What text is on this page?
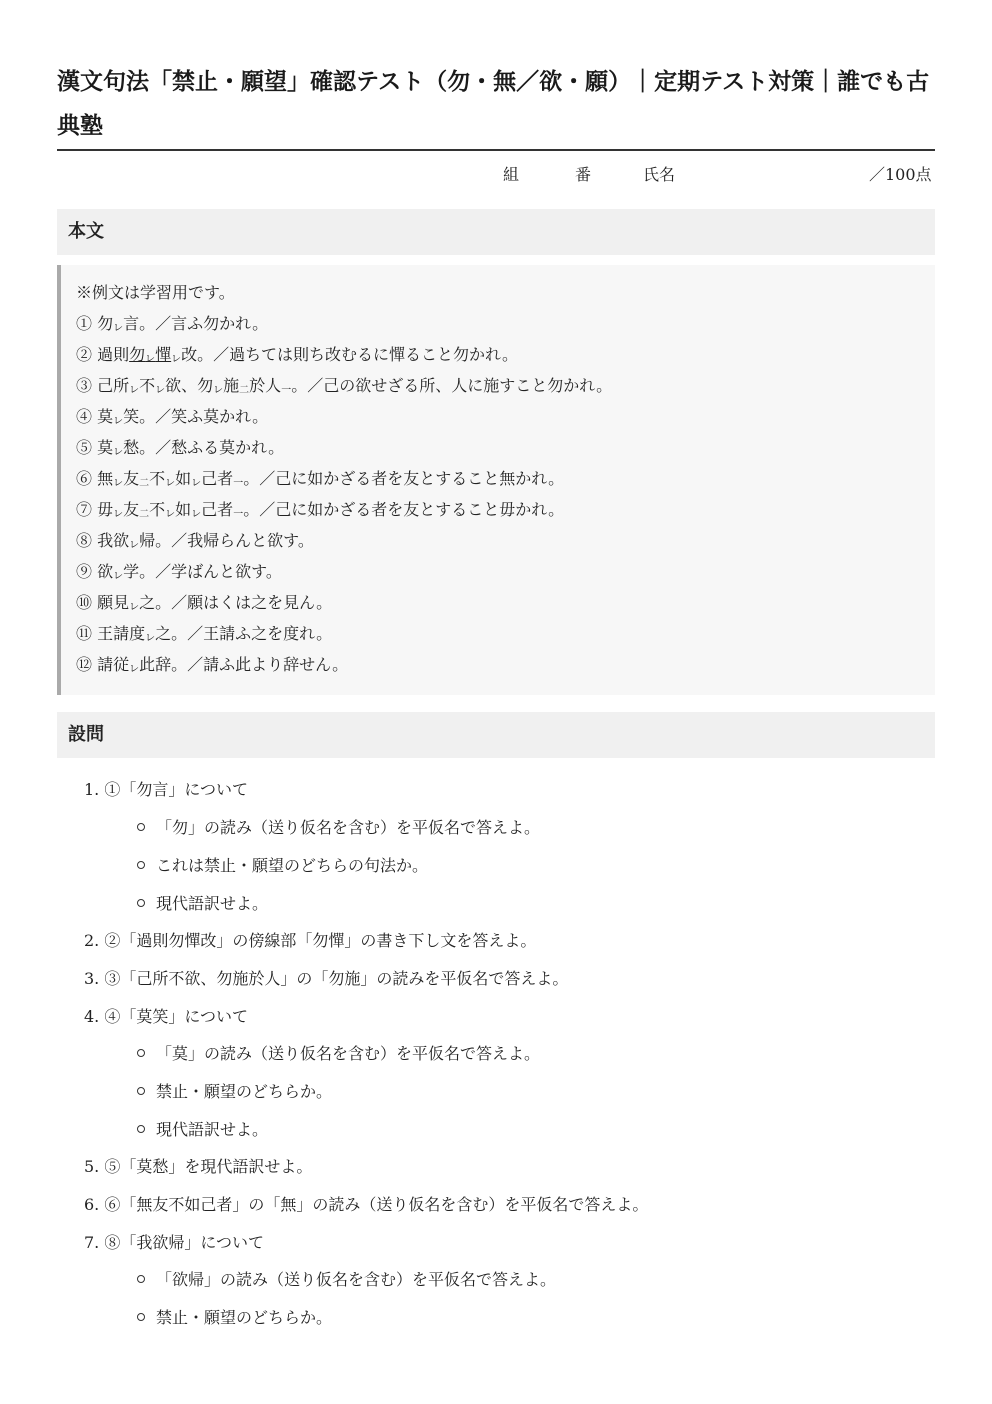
漢文句法「禁止・願望」確認テスト（勿・無／欲・願）｜定期テスト対策｜誰でも古典塾
組	番	氏名	／100点
本文
※例文は学習用です。
① 勿レ言。／言ふ勿かれ。
② 過則勿レ憚レ改。／過ちては則ち改むるに憚ること勿かれ。
③ 己所レ不レ欲、勿レ施二於人一。／己の欲せざる所、人に施すこと勿かれ。
④ 莫レ笑。／笑ふ莫かれ。
⑤ 莫レ愁。／愁ふる莫かれ。
⑥ 無レ友二不レ如レ己者一。／己に如かざる者を友とすること無かれ。
⑦ 毋レ友二不レ如レ己者一。／己に如かざる者を友とすること毋かれ。
⑧ 我欲レ帰。／我帰らんと欲す。
⑨ 欲レ学。／学ばんと欲す。
⑩ 願見レ之。／願はくは之を見ん。
⑪ 王請度レ之。／王請ふ之を度れ。
⑫ 請従レ此辞。／請ふ此より辞せん。
設問
1. ①「勿言」について
「勿」の読み（送り仮名を含む）を平仮名で答えよ。
これは禁止・願望のどちらの句法か。
現代語訳せよ。
2. ②「過則勿憚改」の傍線部「勿憚」の書き下し文を答えよ。
3. ③「己所不欲、勿施於人」の「勿施」の読みを平仮名で答えよ。
4. ④「莫笑」について
「莫」の読み（送り仮名を含む）を平仮名で答えよ。
禁止・願望のどちらか。
現代語訳せよ。
5. ⑤「莫愁」を現代語訳せよ。
6. ⑥「無友不如己者」の「無」の読み（送り仮名を含む）を平仮名で答えよ。
7. ⑧「我欲帰」について
「欲帰」の読み（送り仮名を含む）を平仮名で答えよ。
禁止・願望のどちらか。
